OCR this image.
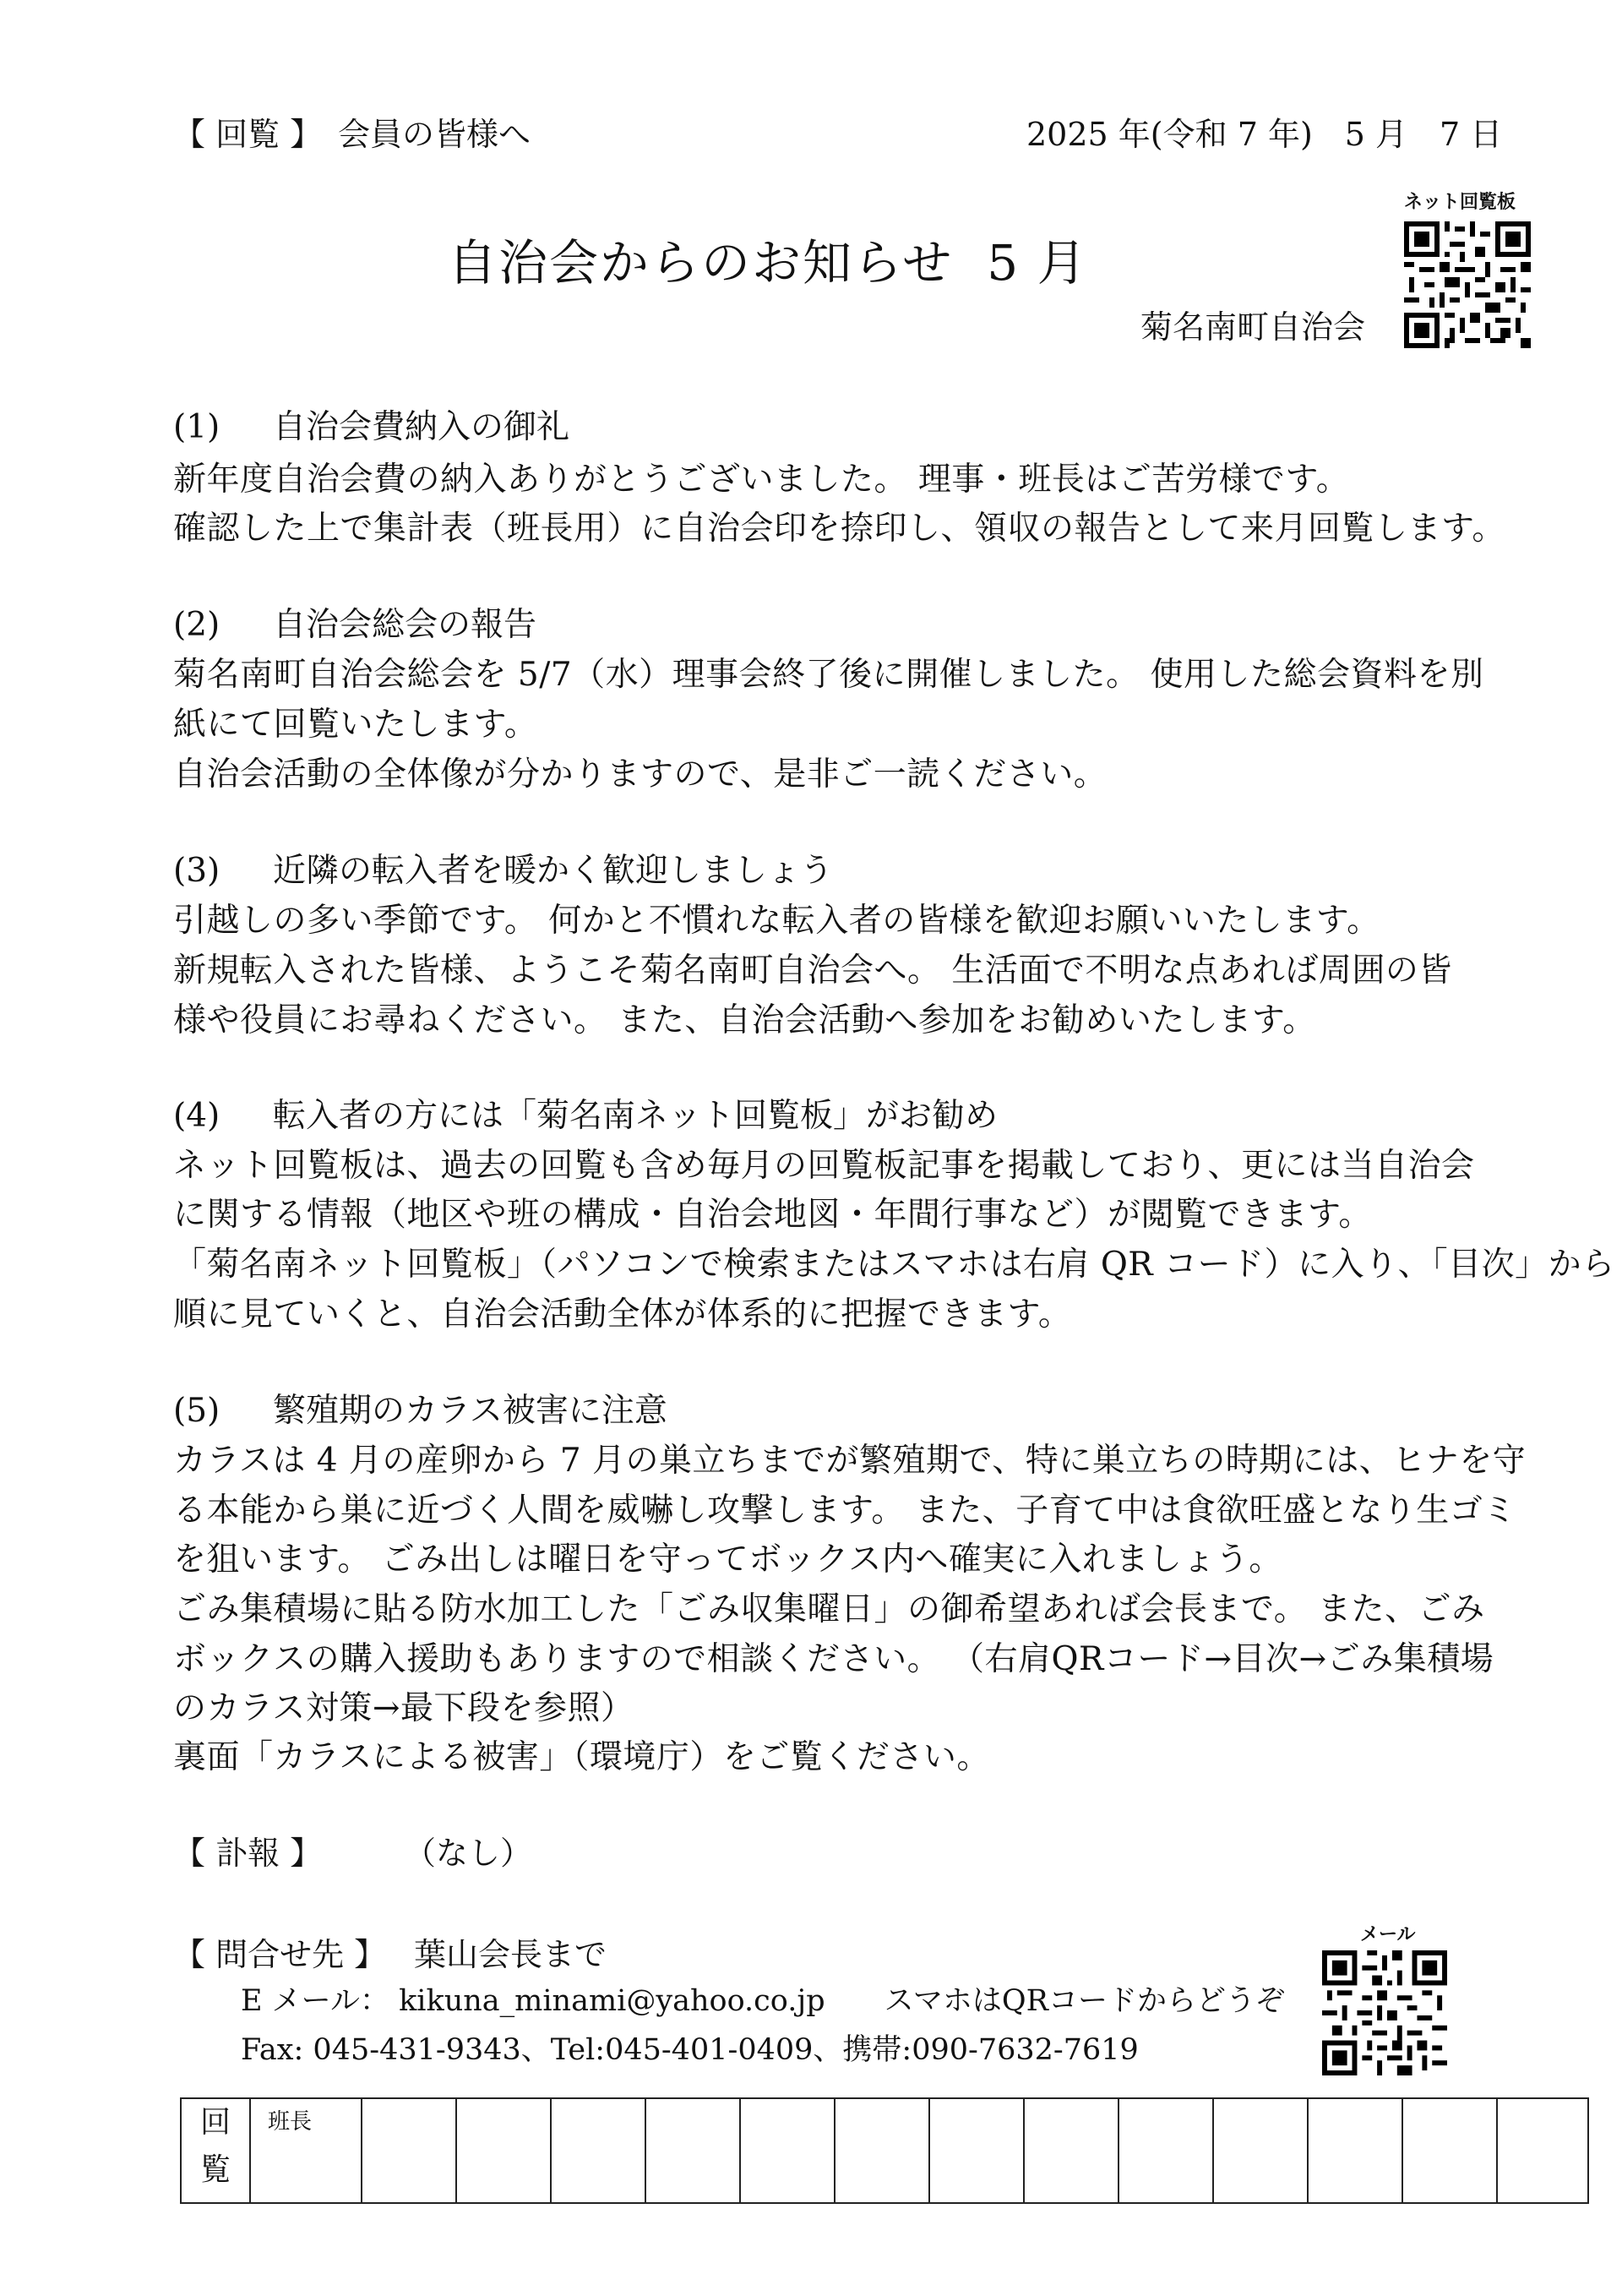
【 回覧 】 会員の皆様へ	2025 年(令和 7 年)　5 月　7 日
自治会からのお知らせ 5 月
菊名南町自治会
ネット回覧板
(1) 自治会費納入の御礼
新年度自治会費の納入ありがとうございました。 理事・班長はご苦労様です。
確認した上で集計表（班長用）に自治会印を捺印し、領収の報告として来月回覧します。
(2) 自治会総会の報告
菊名南町自治会総会を 5/7（水）理事会終了後に開催しました。 使用した総会資料を別
紙にて回覧いたします。
自治会活動の全体像が分かりますので、是非ご一読ください。
(3) 近隣の転入者を暖かく歓迎しましょう
引越しの多い季節です。 何かと不慣れな転入者の皆様を歓迎お願いいたします。
新規転入された皆様、ようこそ菊名南町自治会へ。 生活面で不明な点あれば周囲の皆
様や役員にお尋ねください。 また、自治会活動へ参加をお勧めいたします。
(4) 転入者の方には「菊名南ネット回覧板」がお勧め
ネット回覧板は、過去の回覧も含め毎月の回覧板記事を掲載しており、更には当自治会
に関する情報（地区や班の構成・自治会地図・年間行事など）が閲覧できます。
「菊名南ネット回覧板」（パソコンで検索またはスマホは右肩 QR コード）に入り、「目次」から
順に見ていくと、自治会活動全体が体系的に把握できます。
(5) 繁殖期のカラス被害に注意
カラスは 4 月の産卵から 7 月の巣立ちまでが繁殖期で、特に巣立ちの時期には、ヒナを守
る本能から巣に近づく人間を威嚇し攻撃します。 また、子育て中は食欲旺盛となり生ゴミ
を狙います。 ごみ出しは曜日を守ってボックス内へ確実に入れましょう。
ごみ集積場に貼る防水加工した「ごみ収集曜日」の御希望あれば会長まで。 また、ごみ
ボックスの購入援助もありますので相談ください。 （右肩QRコード→目次→ごみ集積場
のカラス対策→最下段を参照）
裏面「カラスによる被害」（環境庁）をご覧ください。
【 訃報 】	（なし）
【 問合せ先 】 葉山会長まで
E メール： kikuna_minami@yahoo.co.jp　　スマホはQRコードからどうぞ
Fax: 045-431-9343、Tel:045-401-0409、携帯:090-7632-7619
メール
回
覧
	班長													
